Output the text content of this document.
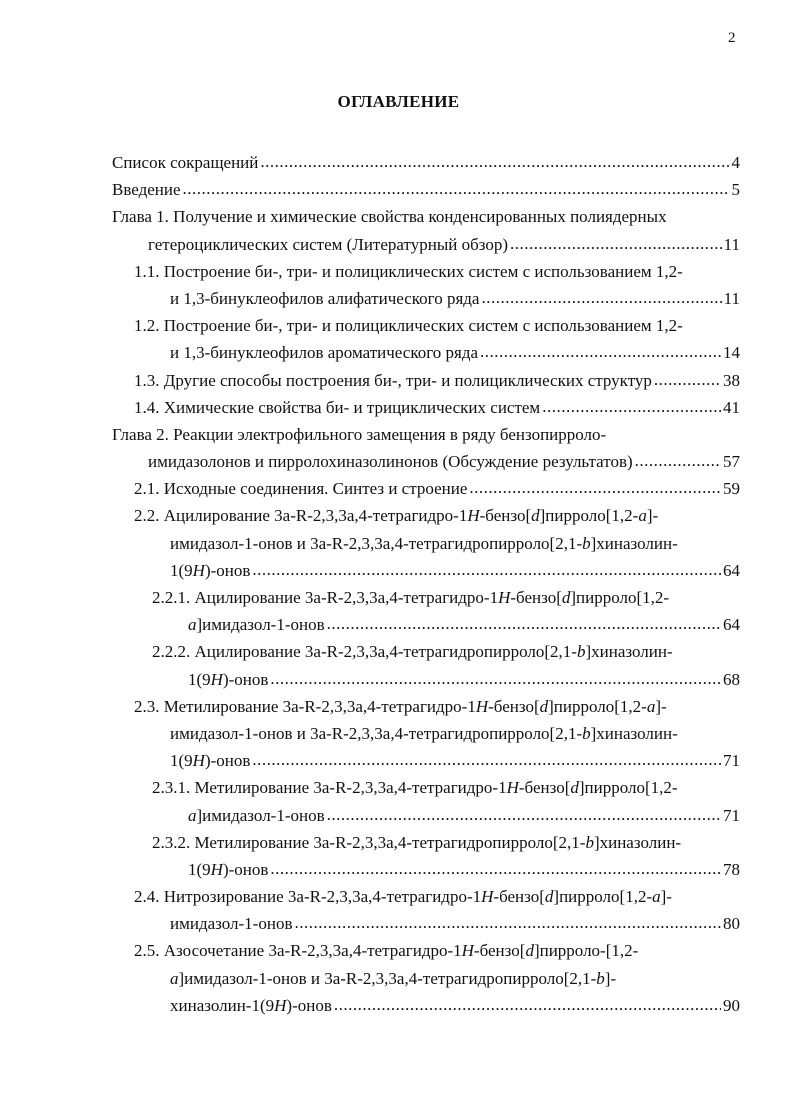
2
ОГЛАВЛЕНИЕ
Список сокращений .....	4
Введение .....	5
Глава 1. Получение и химические свойства конденсированных полиядерных
гетероциклических систем (Литературный обзор) .....	11
1.1. Построение би-, три- и полициклических систем с использованием 1,2-
и 1,3-бинуклеофилов алифатического ряда .....	11
1.2. Построение би-, три- и полициклических систем с использованием 1,2-
и 1,3-бинуклеофилов ароматического ряда .....	14
1.3. Другие способы построения би-, три- и полициклических структур .....	38
1.4. Химические свойства би- и трициклических систем .....	41
Глава 2. Реакции электрофильного замещения в ряду бензопирроло-
имидазолонов и пирролохиназолинонов (Обсуждение результатов) .....	57
2.1. Исходные соединения. Синтез и строение .....	59
2.2. Ацилирование 3a-R-2,3,3a,4-тетрагидро-1H-бензо[d]пирроло[1,2-a]-
имидазол-1-онов и 3a-R-2,3,3a,4-тетрагидропирроло[2,1-b]хиназолин-
1(9H)-онов .....	64
2.2.1. Ацилирование 3a-R-2,3,3a,4-тетрагидро-1H-бензо[d]пирроло[1,2-
a]имидазол-1-онов .....	64
2.2.2. Ацилирование 3a-R-2,3,3a,4-тетрагидропирроло[2,1-b]хиназолин-
1(9H)-онов .....	68
2.3. Метилирование 3a-R-2,3,3a,4-тетрагидро-1H-бензо[d]пирроло[1,2-a]-
имидазол-1-онов и 3a-R-2,3,3a,4-тетрагидропирроло[2,1-b]хиназолин-
1(9H)-онов .....	71
2.3.1. Метилирование 3a-R-2,3,3a,4-тетрагидро-1H-бензо[d]пирроло[1,2-
a]имидазол-1-онов .....	71
2.3.2. Метилирование 3a-R-2,3,3a,4-тетрагидропирроло[2,1-b]хиназолин-
1(9H)-онов .....	78
2.4. Нитрозирование 3a-R-2,3,3a,4-тетрагидро-1H-бензо[d]пирроло[1,2-a]-
имидазол-1-онов .....	80
2.5. Азосочетание 3a-R-2,3,3a,4-тетрагидро-1H-бензо[d]пирроло-[1,2-
a]имидазол-1-онов и 3a-R-2,3,3a,4-тетрагидропирроло[2,1-b]-
хиназолин-1(9H)-онов .....	90
